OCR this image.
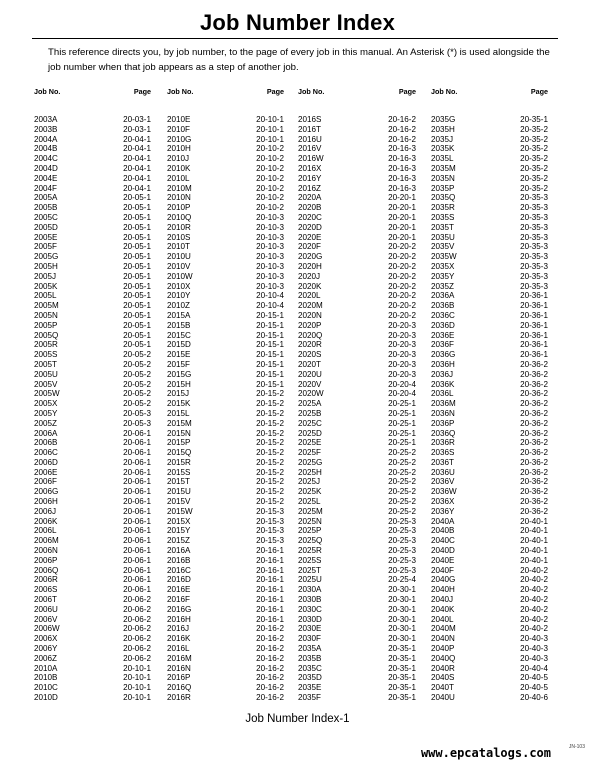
Job Number Index
This reference directs you, by job number, to the page of every job in this manual. An Asterisk (*) is used alongside the job number when that job appears as a step of another job.
Job No.	Page
2003A	20-03-1
2003B	20-03-1
2004A	20-04-1
2004B	20-04-1
2004C	20-04-1
2004D	20-04-1
2004E	20-04-1
2004F	20-04-1
2005A	20-05-1
2005B	20-05-1
2005C	20-05-1
2005D	20-05-1
2005E	20-05-1
2005F	20-05-1
2005G	20-05-1
2005H	20-05-1
2005J	20-05-1
2005K	20-05-1
2005L	20-05-1
2005M	20-05-1
2005N	20-05-1
2005P	20-05-1
2005Q	20-05-1
2005R	20-05-1
2005S	20-05-2
2005T	20-05-2
2005U	20-05-2
2005V	20-05-2
2005W	20-05-2
2005X	20-05-2
2005Y	20-05-3
2005Z	20-05-3
2006A	20-06-1
2006B	20-06-1
2006C	20-06-1
2006D	20-06-1
2006E	20-06-1
2006F	20-06-1
2006G	20-06-1
2006H	20-06-1
2006J	20-06-1
2006K	20-06-1
2006L	20-06-1
2006M	20-06-1
2006N	20-06-1
2006P	20-06-1
2006Q	20-06-1
2006R	20-06-1
2006S	20-06-1
2006T	20-06-2
2006U	20-06-2
2006V	20-06-2
2006W	20-06-2
2006X	20-06-2
2006Y	20-06-2
2006Z	20-06-2
2010A	20-10-1
2010B	20-10-1
2010C	20-10-1
2010D	20-10-1
Job No.	Page
2010E	20-10-1
2010F	20-10-1
2010G	20-10-1
2010H	20-10-2
2010J	20-10-2
2010K	20-10-2
2010L	20-10-2
2010M	20-10-2
2010N	20-10-2
2010P	20-10-2
2010Q	20-10-3
2010R	20-10-3
2010S	20-10-3
2010T	20-10-3
2010U	20-10-3
2010V	20-10-3
2010W	20-10-3
2010X	20-10-3
2010Y	20-10-4
2010Z	20-10-4
2015A	20-15-1
2015B	20-15-1
2015C	20-15-1
2015D	20-15-1
2015E	20-15-1
2015F	20-15-1
2015G	20-15-1
2015H	20-15-1
2015J	20-15-2
2015K	20-15-2
2015L	20-15-2
2015M	20-15-2
2015N	20-15-2
2015P	20-15-2
2015Q	20-15-2
2015R	20-15-2
2015S	20-15-2
2015T	20-15-2
2015U	20-15-2
2015V	20-15-2
2015W	20-15-3
2015X	20-15-3
2015Y	20-15-3
2015Z	20-15-3
2016A	20-16-1
2016B	20-16-1
2016C	20-16-1
2016D	20-16-1
2016E	20-16-1
2016F	20-16-1
2016G	20-16-1
2016H	20-16-1
2016J	20-16-2
2016K	20-16-2
2016L	20-16-2
2016M	20-16-2
2016N	20-16-2
2016P	20-16-2
2016Q	20-16-2
2016R	20-16-2
Job No.	Page
2016S	20-16-2
2016T	20-16-2
2016U	20-16-2
2016V	20-16-3
2016W	20-16-3
2016X	20-16-3
2016Y	20-16-3
2016Z	20-16-3
2020A	20-20-1
2020B	20-20-1
2020C	20-20-1
2020D	20-20-1
2020E	20-20-1
2020F	20-20-2
2020G	20-20-2
2020H	20-20-2
2020J	20-20-2
2020K	20-20-2
2020L	20-20-2
2020M	20-20-2
2020N	20-20-2
2020P	20-20-3
2020Q	20-20-3
2020R	20-20-3
2020S	20-20-3
2020T	20-20-3
2020U	20-20-3
2020V	20-20-4
2020W	20-20-4
2025A	20-25-1
2025B	20-25-1
2025C	20-25-1
2025D	20-25-1
2025E	20-25-1
2025F	20-25-2
2025G	20-25-2
2025H	20-25-2
2025J	20-25-2
2025K	20-25-2
2025L	20-25-2
2025M	20-25-2
2025N	20-25-3
2025P	20-25-3
2025Q	20-25-3
2025R	20-25-3
2025S	20-25-3
2025T	20-25-3
2025U	20-25-4
2030A	20-30-1
2030B	20-30-1
2030C	20-30-1
2030D	20-30-1
2030E	20-30-1
2030F	20-30-1
2035A	20-35-1
2035B	20-35-1
2035C	20-35-1
2035D	20-35-1
2035E	20-35-1
2035F	20-35-1
Job No.	Page
2035G	20-35-1
2035H	20-35-2
2035J	20-35-2
2035K	20-35-2
2035L	20-35-2
2035M	20-35-2
2035N	20-35-2
2035P	20-35-2
2035Q	20-35-3
2035R	20-35-3
2035S	20-35-3
2035T	20-35-3
2035U	20-35-3
2035V	20-35-3
2035W	20-35-3
2035X	20-35-3
2035Y	20-35-3
2035Z	20-35-3
2036A	20-36-1
2036B	20-36-1
2036C	20-36-1
2036D	20-36-1
2036E	20-36-1
2036F	20-36-1
2036G	20-36-1
2036H	20-36-2
2036J	20-36-2
2036K	20-36-2
2036L	20-36-2
2036M	20-36-2
2036N	20-36-2
2036P	20-36-2
2036Q	20-36-2
2036R	20-36-2
2036S	20-36-2
2036T	20-36-2
2036U	20-36-2
2036V	20-36-2
2036W	20-36-2
2036X	20-36-2
2036Y	20-36-2
2040A	20-40-1
2040B	20-40-1
2040C	20-40-1
2040D	20-40-1
2040E	20-40-1
2040F	20-40-2
2040G	20-40-2
2040H	20-40-2
2040J	20-40-2
2040K	20-40-2
2040L	20-40-2
2040M	20-40-2
2040N	20-40-3
2040P	20-40-3
2040Q	20-40-3
2040R	20-40-4
2040S	20-40-5
2040T	20-40-5
2040U	20-40-6
Job Number Index-1
www.epcatalogs.com	JN-103
